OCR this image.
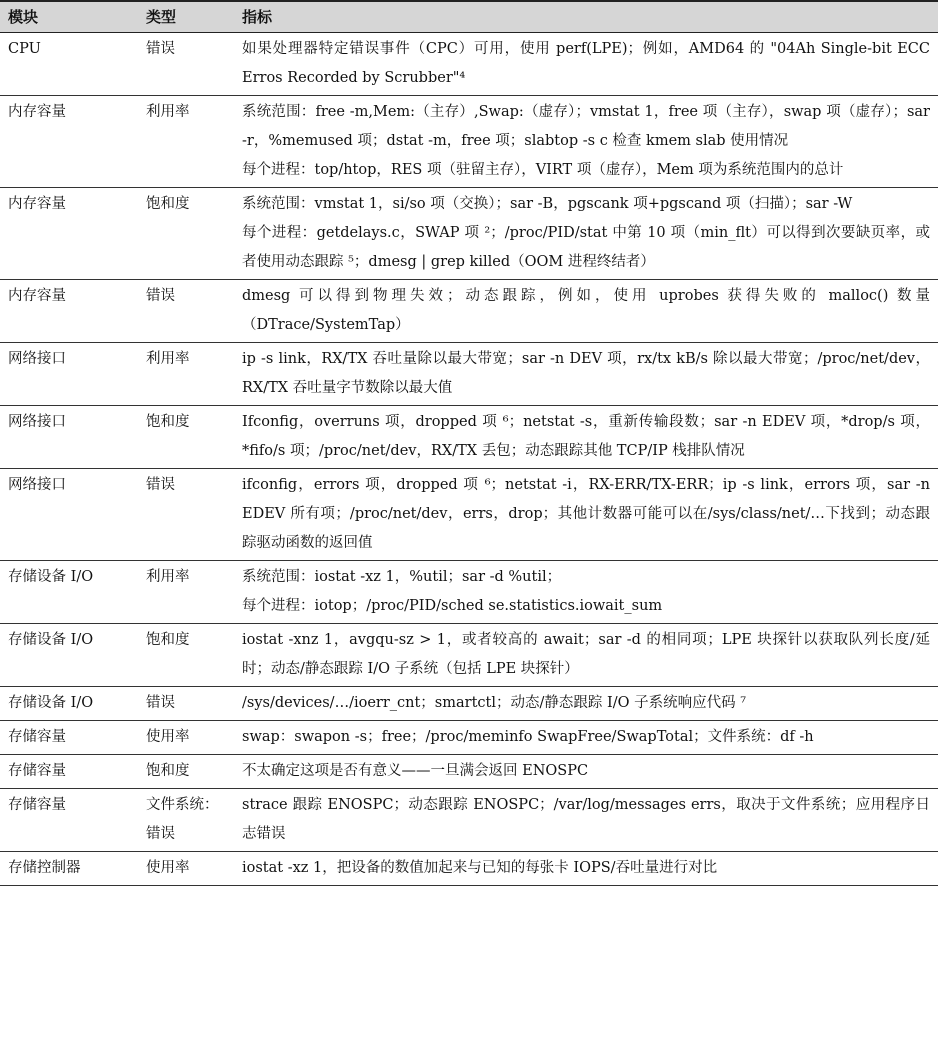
模块	类型	指标
CPU	错误	如果处理器特定错误事件（CPC）可用，使用 perf(LPE)；例如，AMD64 的 "04Ah Single-bit ECC Erros Recorded by Scrubber"⁴

内存容量	利用率	系统范围：free -m,Mem:（主存）,Swap:（虚存）；vmstat 1，free 项（主存），swap 项（虚存）；sar -r，%memused 项；dstat -m，free 项；slabtop -s c 检查 kmem slab 使用情况
每个进程：top/htop，RES 项（驻留主存），VIRT 项（虚存），Mem 项为系统范围内的总计

内存容量	饱和度	系统范围：vmstat 1，si/so 项（交换）；sar -B，pgscank 项+pgscand 项（扫描）；sar -W
每个进程：getdelays.c，SWAP 项 ²；/proc/PID/stat 中第 10 项（min_flt）可以得到次要缺页率，或者使用动态跟踪 ⁵；dmesg | grep killed（OOM 进程终结者）

内存容量	错误	dmesg 可以得到物理失效；动态跟踪，例如，使用 uprobes 获得失败的 malloc() 数量（DTrace/SystemTap）

网络接口	利用率	ip -s link，RX/TX 吞吐量除以最大带宽；sar -n DEV 项，rx/tx kB/s 除以最大带宽；/proc/net/dev，RX/TX 吞吐量字节数除以最大值

网络接口	饱和度	Ifconfig，overruns 项，dropped 项 ⁶；netstat -s，重新传输段数；sar -n EDEV 项，*drop/s 项，*fifo/s 项；/proc/net/dev，RX/TX 丢包；动态跟踪其他 TCP/IP 栈排队情况

网络接口	错误	ifconfig，errors 项，dropped 项 ⁶；netstat -i，RX-ERR/TX-ERR；ip -s link，errors 项，sar -n EDEV 所有项；/proc/net/dev，errs，drop；其他计数器可能可以在/sys/class/net/…下找到；动态跟踪驱动函数的返回值

存储设备 I/O	利用率	系统范围：iostat -xz 1，%util；sar -d %util；
每个进程：iotop；/proc/PID/sched se.statistics.iowait_sum

存储设备 I/O	饱和度	iostat -xnz 1，avgqu-sz > 1，或者较高的 await；sar -d 的相同项；LPE 块探针以获取队列长度/延时；动态/静态跟踪 I/O 子系统（包括 LPE 块探针）

存储设备 I/O	错误	/sys/devices/…/ioerr_cnt；smartctl；动态/静态跟踪 I/O 子系统响应代码 ⁷

存储容量	使用率	swap：swapon -s；free；/proc/meminfo SwapFree/SwapTotal；文件系统：df -h

存储容量	饱和度	不太确定这项是否有意义——一旦满会返回 ENOSPC

存储容量	文件系统：错误	strace 跟踪 ENOSPC；动态跟踪 ENOSPC；/var/log/messages errs，取决于文件系统；应用程序日志错误

存储控制器	使用率	iostat -xz 1，把设备的数值加起来与已知的每张卡 IOPS/吞吐量进行对比
